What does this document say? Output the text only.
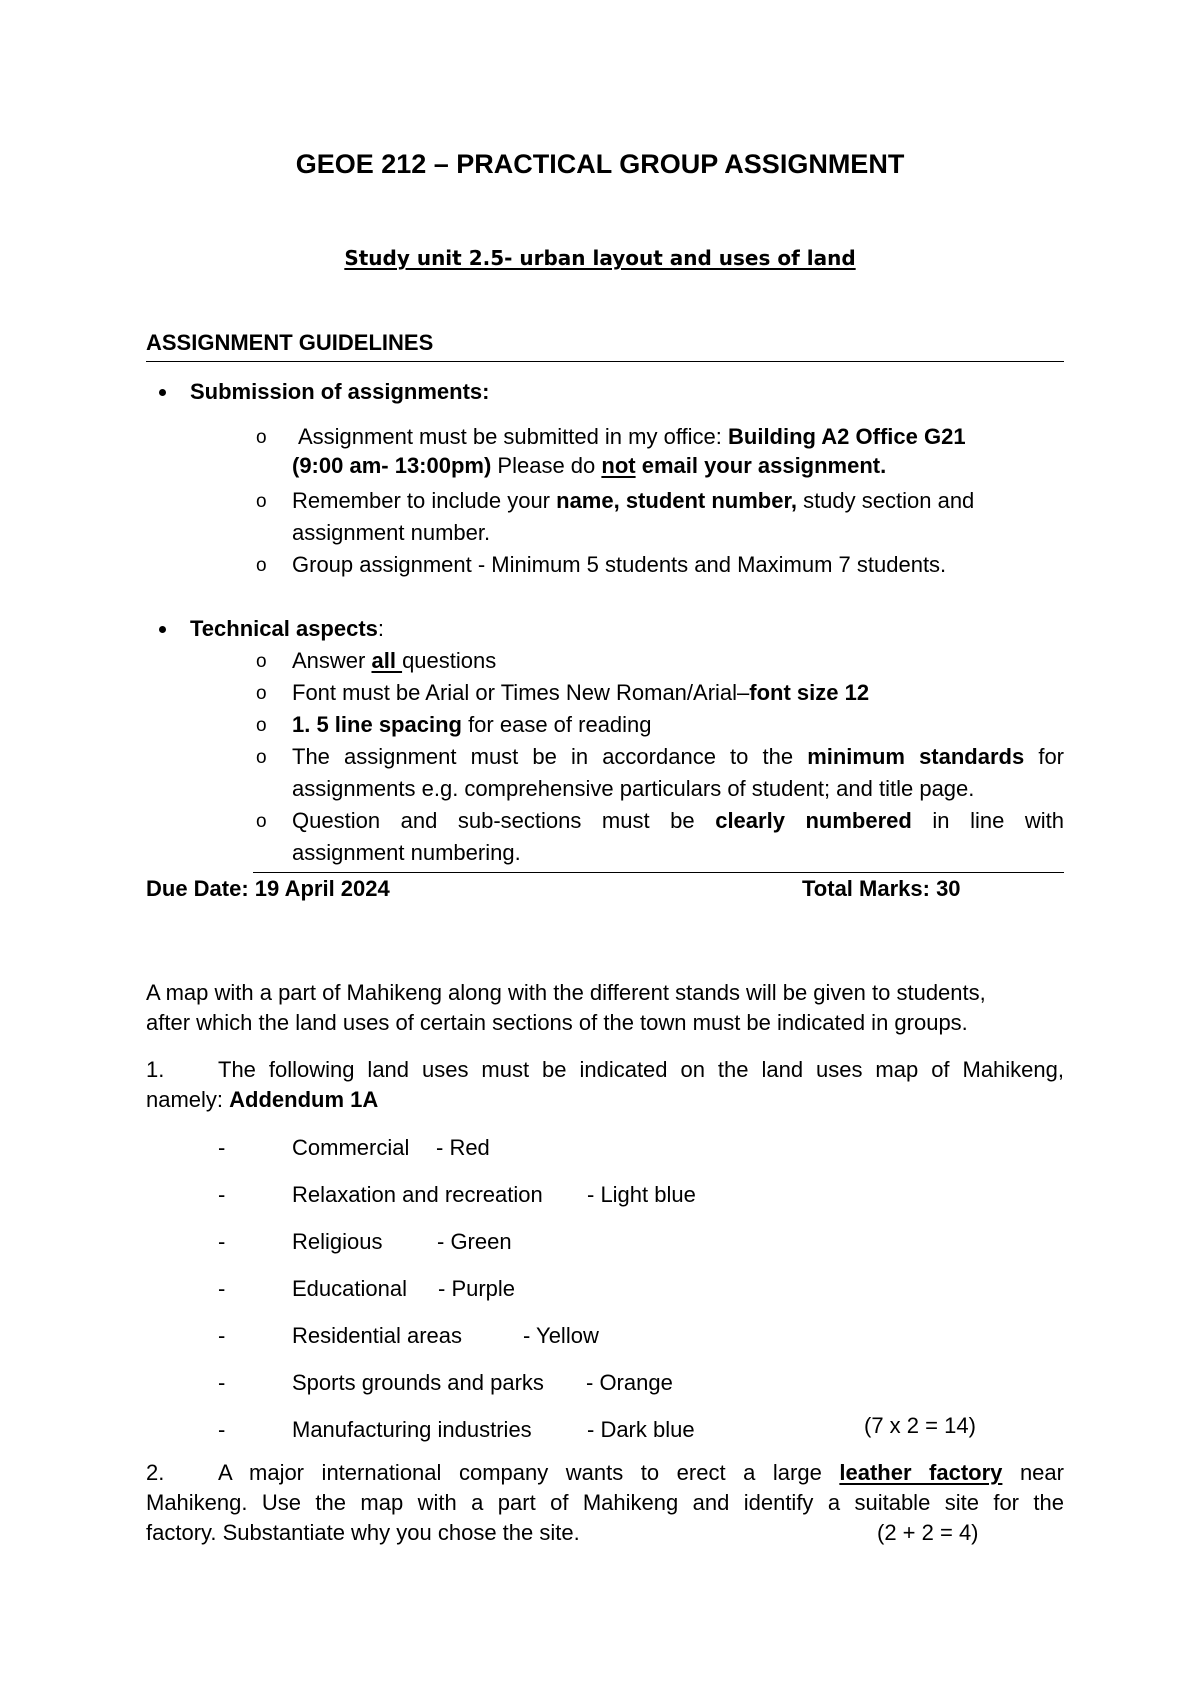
GEOE 212 – PRACTICAL GROUP ASSIGNMENT
Study unit 2.5- urban layout and uses of land
ASSIGNMENT GUIDELINES
Submission of assignments:
o Assignment must be submitted in my office: Building A2 Office G21
(9:00 am- 13:00pm) Please do not email your assignment.
o Remember to include your name, student number, study section and
assignment number.
o Group assignment - Minimum 5 students and Maximum 7 students.
Technical aspects:
o Answer all questions
o Font must be Arial or Times New Roman/Arial–font size 12
o 1. 5 line spacing for ease of reading
o The assignment must be in accordance to the minimum standards for
assignments e.g. comprehensive particulars of student; and title page.
o Question and sub-sections must be clearly numbered in line with
assignment numbering.
Due Date: 19 April 2024	Total Marks: 30
A map with a part of Mahikeng along with the different stands will be given to students,
after which the land uses of certain sections of the town must be indicated in groups.
1. The following land uses must be indicated on the land uses map of Mahikeng,
namely: Addendum 1A
-	Commercial - Red
-	Relaxation and recreation - Light blue
-	Religious - Green
-	Educational - Purple
-	Residential areas	- Yellow
-	Sports grounds and parks - Orange
-	Manufacturing industries	- Dark blue	(7 x 2 = 14)
2. A major international company wants to erect a large leather factory near
Mahikeng. Use the map with a part of Mahikeng and identify a suitable site for the
factory. Substantiate why you chose the site.	(2 + 2 = 4)
